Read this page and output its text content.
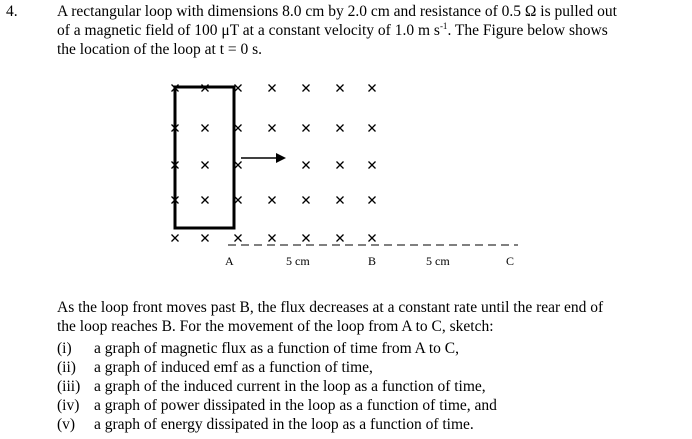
4.	A rectangular loop with dimensions 8.0 cm by 2.0 cm and resistance of 0.5 Ω is pulled out
of a magnetic field of 100 μT at a constant velocity of 1.0 m $s^{-1}$. The Figure below shows
the location of the loop at t = 0 s.

A	5 cm	B	5 cm	C

As the loop front moves past B, the flux decreases at a constant rate until the rear end of
the loop reaches B. For the movement of the loop from A to C, sketch:

(i)	a graph of magnetic flux as a function of time from A to C,
(ii)	a graph of induced emf as a function of time,
(iii) a graph of the induced current in the loop as a function of time,
(iv) a graph of power dissipated in the loop as a function of time, and
(v)	a graph of energy dissipated in the loop as a function of time.
